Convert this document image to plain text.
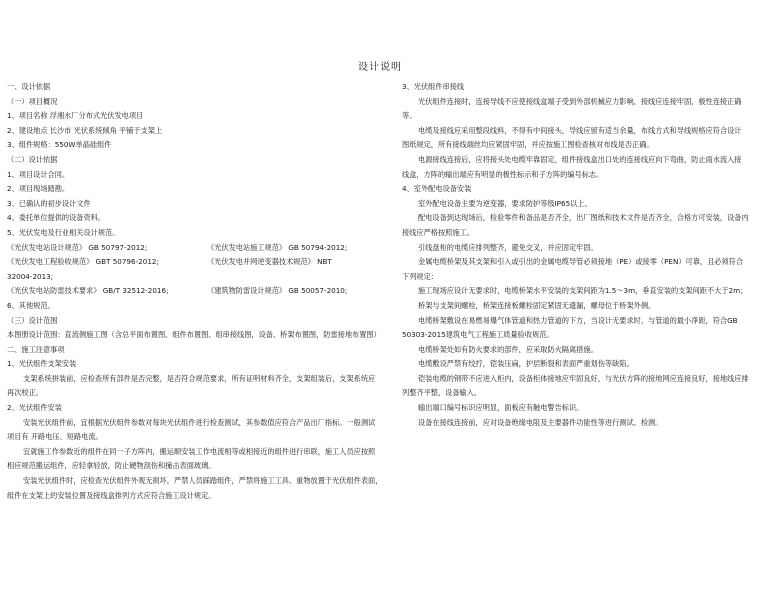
设计说明
一、设计依据
（一）项目概况
1、项目名称 浮湘水厂分布式光伏发电项目
2、建设地点 长沙市 光伏系统倾角 平铺于支架上
3、组件规格：550W单晶硅组件
（二）设计依据
1、项目设计合同。
2、项目现场踏勘。
3、已确认的初步设计文件
4、委托单位提供的设备资料。
5、光伏发电及行业相关设计规范。
《光伏发电站设计规范》 GB 50797-2012;	《光伏发电站施工规范》 GB 50794-2012;
《光伏发电工程验收规范》 GBT 50796-2012;	《光伏发电并网逆变器技术规范》 NBT
32004-2013;
《光伏发电站防雷技术要求》 GB/T 32512-2016;	《建筑物防雷设计规范》 GB 50057-2010;
6、其他规范。
（三）设计范围
本图册设计范围：直流侧施工图（含总平面布置图、组件布置图、组串接线图，设备、桥架布置图，防雷接地布置图）
二、施工注意事项
1、光伏组件支架安装
支架系统拼装前，应检查所有部件是否完整，是否符合规范要求，所有证明材料齐全，支架组装后，支架系统应
再次校正。
2、光伏组件安装
安装光伏组件前，宜根据光伏组件参数对每块光伏组件进行检查测试，其参数值应符合产品出厂指标。一般测试
项目有 开路电压、短路电流。
宜就施工作参数近的组件在同一子方阵内，搬运顺安装工作电流相等或相接近的组件进行串联，施工人员应按照
相应规范搬运组件，应轻拿轻放，防止硬物刮伤和撞击表面玻璃。
安装光伏组件时，应检查光伏组件外观无损坏，严禁人员踩踏组件，严禁将施工工具、重物放置于光伏组件表面，
组件在支架上的安装位置及接线盒排列方式应符合施工设计规定。
3、光伏组件串接线
光伏组件连接时，连接导线不应使接线盒端子受到外部机械应力影响，接线应连接牢固，极性连接正确
等。
电缆及接线应采用整段线料，不得有中间接头，导线应留有适当余量，布线方式和导线规格应符合设计
图纸规定，所有接线端丝均应紧固牢固，并应按施工图检查核对布线是否正确。
电源接线连接后，应将接头处电缆牢靠固定，组件接线盒出口处的连接线应向下弯曲，防止雨水流入接
线盒，方阵的输出端应有明显的极性标示和子方阵的编号标志。
4、室外配电设备安装
室外配电设备主要为逆变器，要求防护等级IP65以上。
配电设备到达现场后，检验零件和备品是否齐全，出厂图纸和技术文件是否齐全，合格方可安装，设备内
接线应严格按照施工。
引线盘柜的电缆应排列整齐，避免交叉，并应固定牢固。
金属电缆桥架及其支架和引入或引出的金属电缆导管必须接地（PE）或接零（PEN）可靠，且必须符合
下列规定：
施工现场应设计无要求时，电缆桥架水平安装的支架间距为1.5～3m，垂直安装的支架间距不大于2m；
桥架与支架间螺栓，桥架连接板螺栓固定紧固无遗漏，螺母位于桥架外侧。
电缆桥架敷设在易燃易爆气体管道和热力管道的下方，当设计无要求时，与管道的最小净距，符合GB
50303-2015建筑电气工程施工质量验收规范。
电缆桥架处如有防火要求的部件，应采取防火隔离措施。
电缆敷设严禁有绞拧，铠装压扁，护层断裂和表面严重划伤等缺陷。
铠装电缆的钢带不应进入柜内，设备柜体接地应牢固良好，与光伏方阵的接地网应连接良好，接地线应排
列整齐平整，设备输入。
输出端口编号标识应明显，面板应有触电警告标识。
设备在接线连接前，应对设备绝缘电阻及主要器件功能性等进行测试、检测。
